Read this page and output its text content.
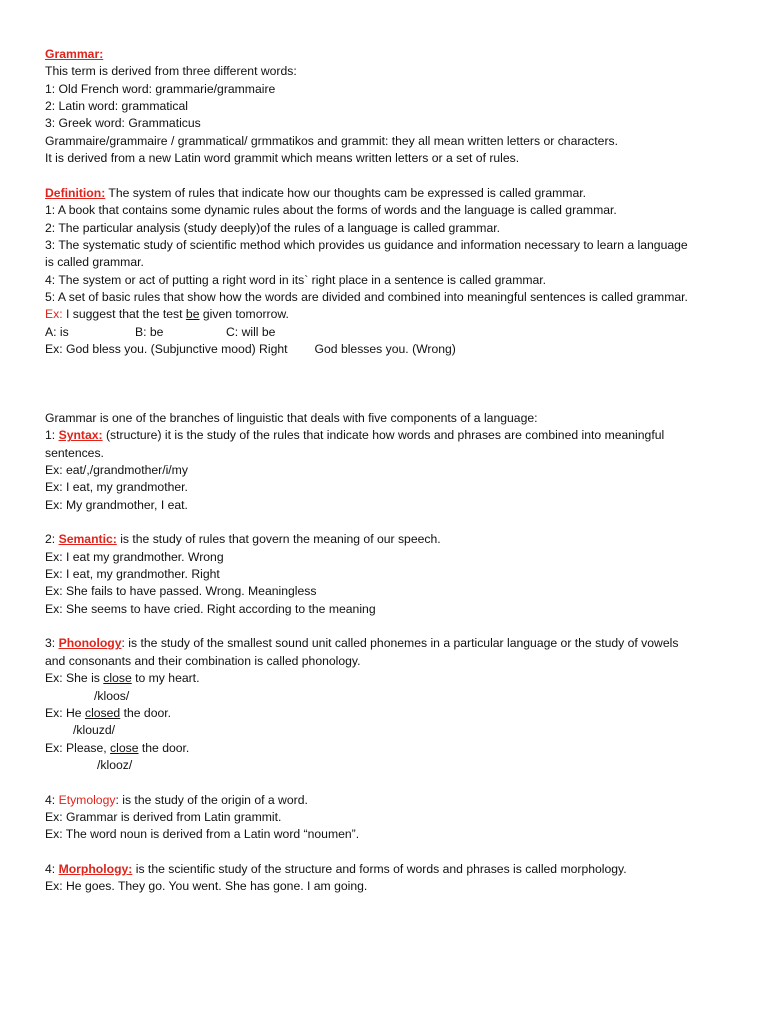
Grammar:
This term is derived from three different words:
1: Old French word: grammarie/grammaire
2: Latin word: grammatical
3: Greek word: Grammaticus
Grammaire/grammaire / grammatical/ grmmatikos and grammit: they all mean written letters or characters.
It is derived from a new Latin word grammit which means written letters or a set of rules.
Definition: The system of rules that indicate how our thoughts cam be expressed is called grammar.
1: A book that contains some dynamic rules about the forms of words and the language is called grammar.
2: The particular analysis (study deeply)of the rules of a language is called grammar.
3: The systematic study of scientific method which provides us guidance and information necessary to learn a language
is called grammar.
4: The system or act of putting a right word in its` right place in a sentence is called grammar.
5: A set of basic rules that show how the words are divided and combined into meaningful sentences is called grammar.
Ex: I suggest that the test be given tomorrow.
A: is	B: be	C: will be
Ex: God bless you. (Subjunctive mood) Right God blesses you. (Wrong)
Grammar is one of the branches of linguistic that deals with five components of a language:
1: Syntax: (structure) it is the study of the rules that indicate how words and phrases are combined into meaningful
sentences.
Ex: eat/,/grandmother/i/my
Ex: I eat, my grandmother.
Ex: My grandmother, I eat.
2: Semantic: is the study of rules that govern the meaning of our speech.
Ex: I eat my grandmother. Wrong
Ex: I eat, my grandmother. Right
Ex: She fails to have passed. Wrong. Meaningless
Ex: She seems to have cried. Right according to the meaning
3: Phonology: is the study of the smallest sound unit called phonemes in a particular language or the study of vowels
and consonants and their combination is called phonology.
Ex: She is close to my heart.
/kloos/
Ex: He closed the door.
/klouzd/
Ex: Please, close the door.
/klooz/
4: Etymology: is the study of the origin of a word.
Ex: Grammar is derived from Latin grammit.
Ex: The word noun is derived from a Latin word “noumen”.
4: Morphology: is the scientific study of the structure and forms of words and phrases is called morphology.
Ex: He goes. They go. You went. She has gone. I am going.
